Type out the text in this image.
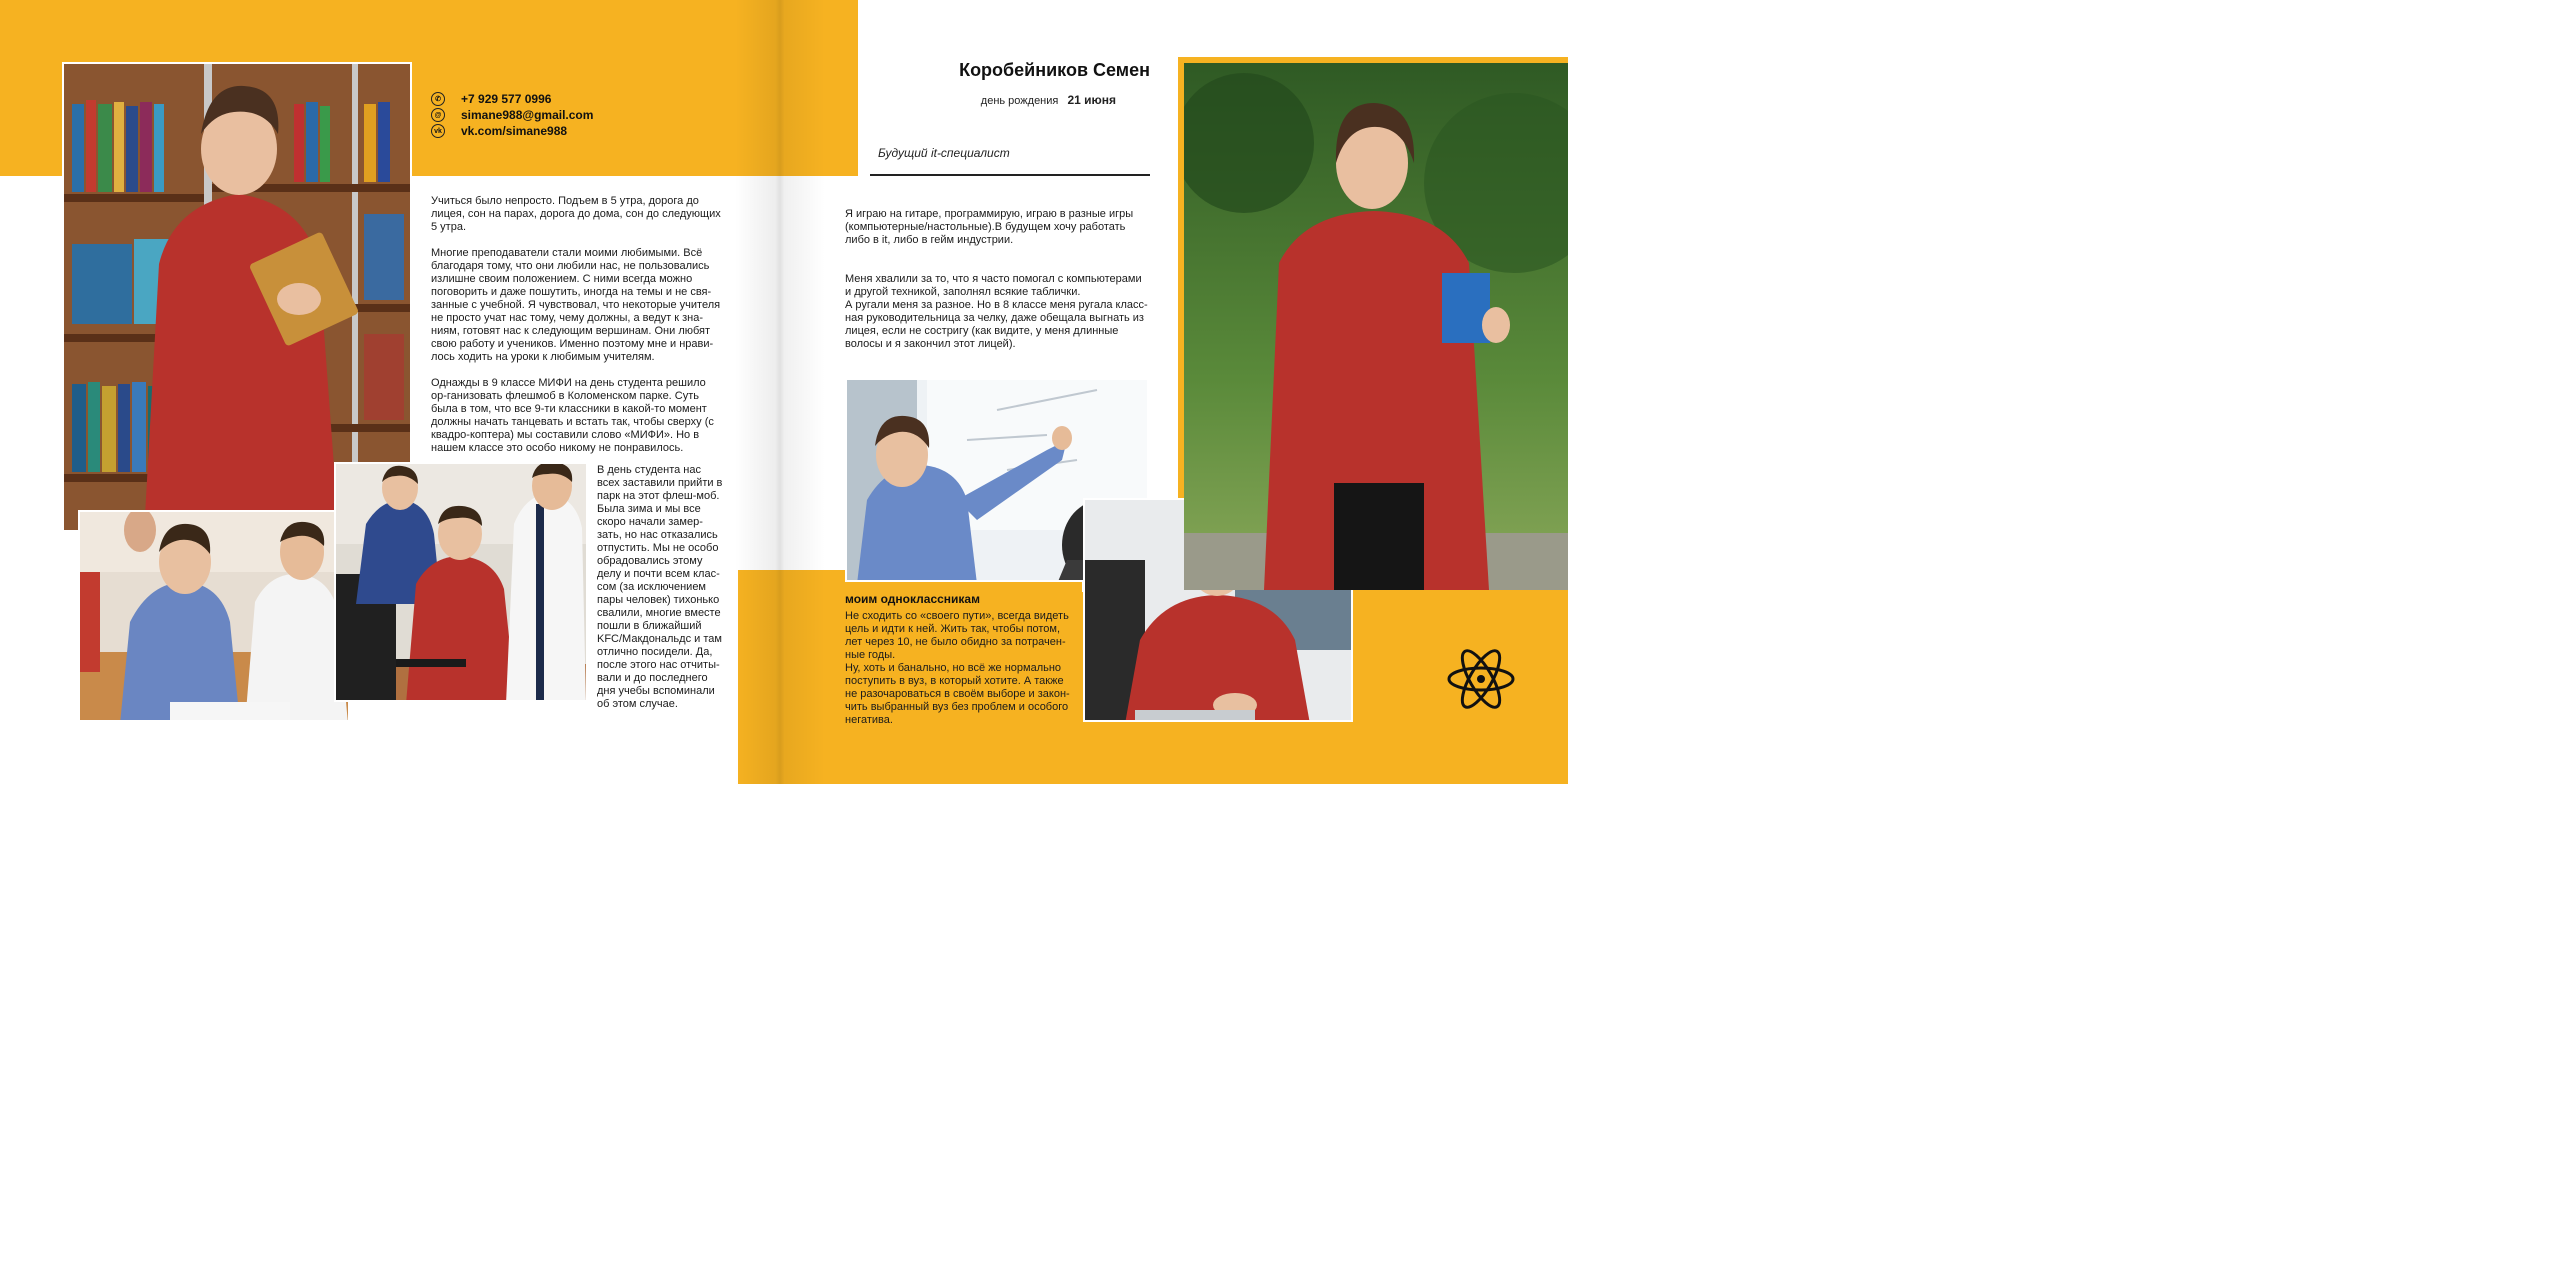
✆	+7 929 577 0996
@ simane988@gmail.com
vk vk.com/simane988

Учиться было непросто. Подъем в 5 утра, дорога до лицея, сон на парах, дорога до дома, сон до следующих 5 утра.

Многие преподаватели стали моими любимыми. Всё благодаря тому, что они любили нас, не пользовались излишне своим положением. С ними всегда можно поговорить и даже пошутить, иногда на темы и не свя-занные с учебной. Я чувствовал, что некоторые учителя не просто учат нас тому, чему должны, а ведут к зна-ниям, готовят нас к следующим вершинам. Они любят свою работу и учеников. Именно поэтому мне и нрави-лось ходить на уроки к любимым учителям.

Однажды в 9 классе МИФИ на день студента решило ор-ганизовать флешмоб в Коломенском парке. Суть была в том, что все 9-ти классники в какой-то момент должны начать танцевать и встать так, чтобы сверху (с квадро-коптера) мы составили слово «МИФИ». Но в нашем классе это особо никому не понравилось.

В день студента нас всех заставили прийти в парк на этот флеш-моб. Была зима и мы все скоро начали замер-зать, но нас отказались отпустить. Мы не особо обрадовались этому делу и почти всем клас-сом (за исключением пары человек) тихонько свалили, многие вместе пошли в ближайший KFC/Макдональдс и там отлично посидели. Да, после этого нас отчиты-вали и до последнего дня учебы вспоминали об этом случае.

Коробейников Семен
день рождения 21 июня
Будущий it-специалист

Я играю на гитаре, программирую, играю в разные игры (компьютерные/настольные).В будущем хочу работать либо в it, либо в гейм индустрии.

Меня хвалили за то, что я часто помогал с компьютерами и другой техникой, заполнял всякие таблички.
А ругали меня за разное. Но в 8 классе меня ругала класс-ная руководительница за челку, даже обещала выгнать из лицея, если не состригу (как видите, у меня длинные волосы и я закончил этот лицей).

моим одноклассникам
Не сходить со «своего пути», всегда видеть цель и идти к ней. Жить так, чтобы потом, лет через 10, не было обидно за потрачен-ные годы.
Ну, хоть и банально, но всё же нормально поступить в вуз, в который хотите. А также не разочароваться в своём выборе и закон-чить выбранный вуз без проблем и особого негатива.
